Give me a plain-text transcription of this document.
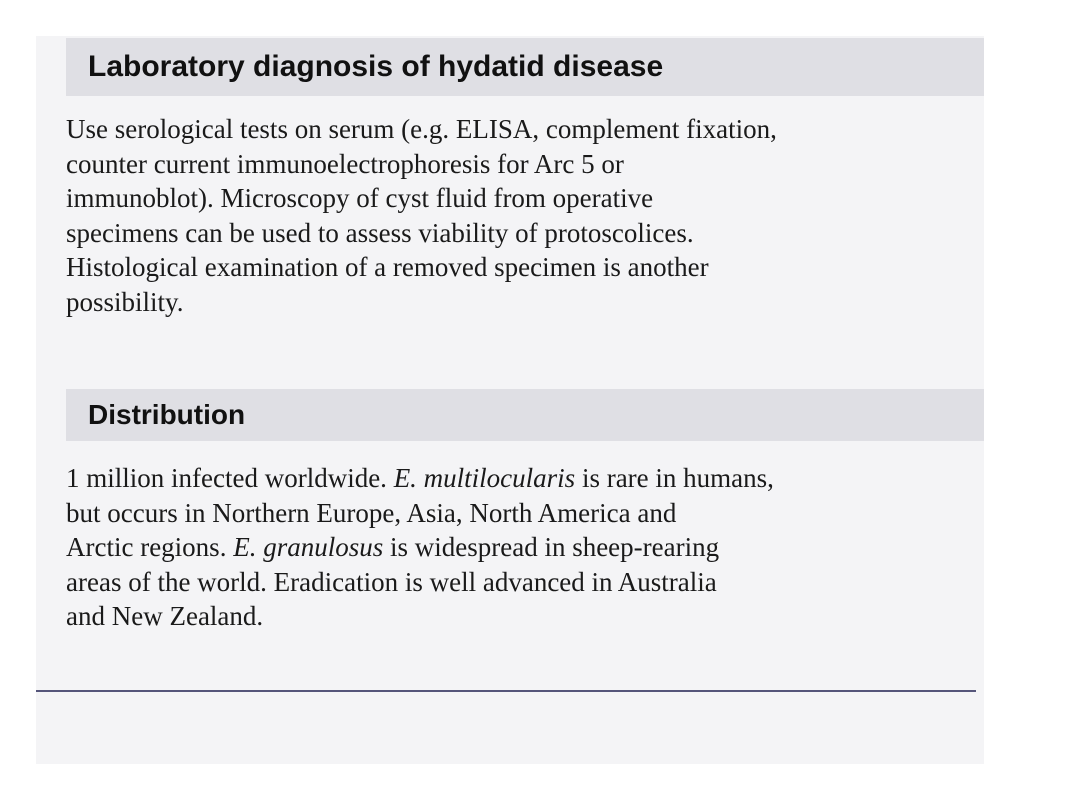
Laboratory diagnosis of hydatid disease

Use serological tests on serum (e.g. ELISA, complement fixation,
counter current immunoelectrophoresis for Arc 5 or
immunoblot). Microscopy of cyst fluid from operative
specimens can be used to assess viability of protoscolices.
Histological examination of a removed specimen is another
possibility.

Distribution

1 million infected worldwide. E. multilocularis is rare in humans,
but occurs in Northern Europe, Asia, North America and
Arctic regions. E. granulosus is widespread in sheep-rearing
areas of the world. Eradication is well advanced in Australia
and New Zealand.
